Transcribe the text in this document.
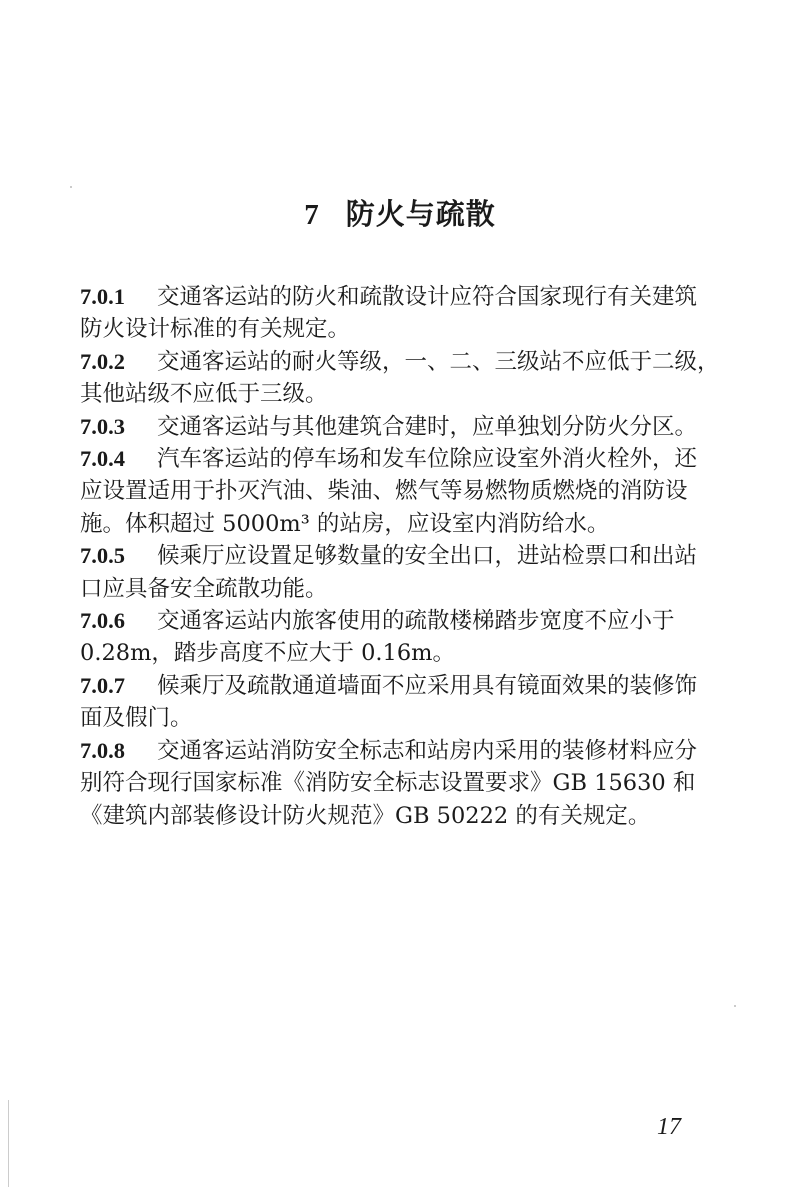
7 防火与疏散
7.0.1 交通客运站的防火和疏散设计应符合国家现行有关建筑
防火设计标准的有关规定。
7.0.2 交通客运站的耐火等级，一、二、三级站不应低于二级，
其他站级不应低于三级。
7.0.3 交通客运站与其他建筑合建时，应单独划分防火分区。
7.0.4 汽车客运站的停车场和发车位除应设室外消火栓外，还
应设置适用于扑灭汽油、柴油、燃气等易燃物质燃烧的消防设
施。体积超过 5000m³ 的站房，应设室内消防给水。
7.0.5 候乘厅应设置足够数量的安全出口，进站检票口和出站
口应具备安全疏散功能。
7.0.6 交通客运站内旅客使用的疏散楼梯踏步宽度不应小于
0.28m，踏步高度不应大于 0.16m。
7.0.7 候乘厅及疏散通道墙面不应采用具有镜面效果的装修饰
面及假门。
7.0.8 交通客运站消防安全标志和站房内采用的装修材料应分
别符合现行国家标准《消防安全标志设置要求》GB 15630 和
《建筑内部装修设计防火规范》GB 50222 的有关规定。
17
